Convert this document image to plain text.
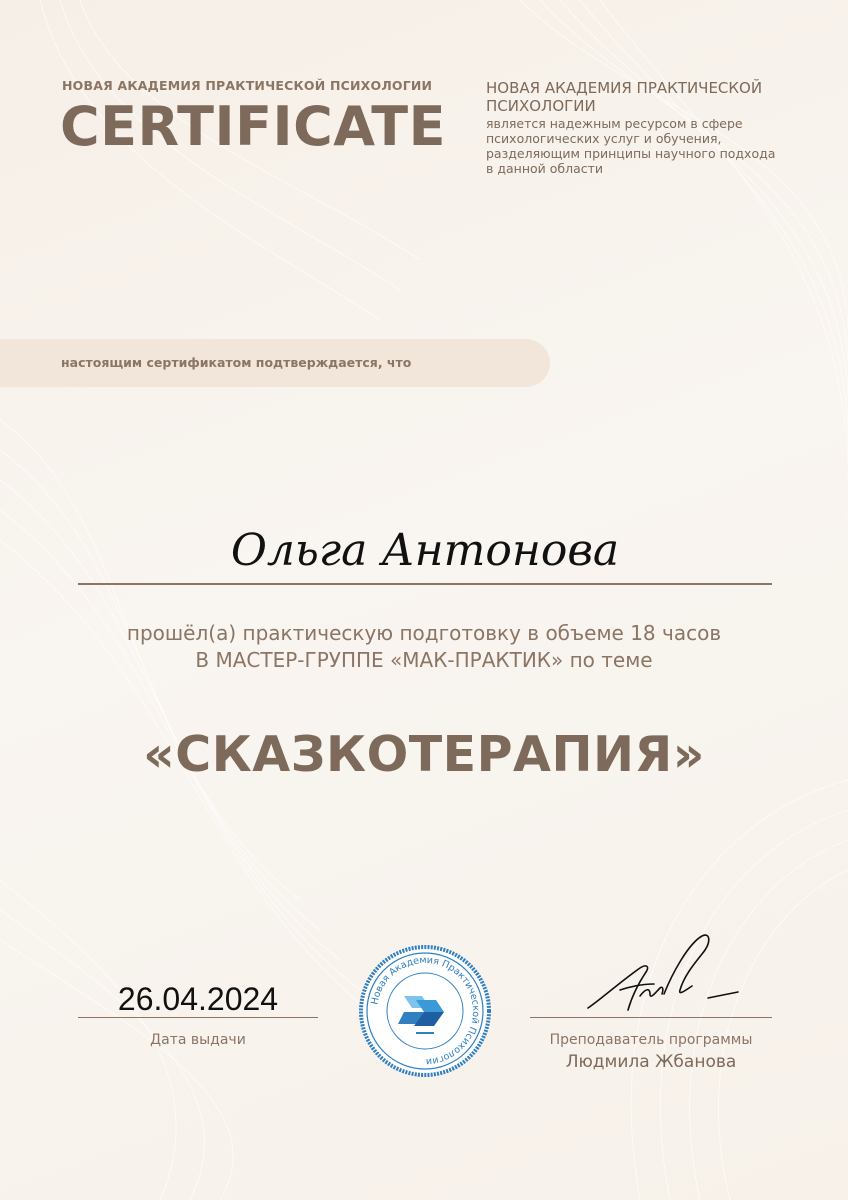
НОВАЯ АКАДЕМИЯ ПРАКТИЧЕСКОЙ ПСИХОЛОГИИ
CERTIFICATE
НОВАЯ АКАДЕМИЯ ПРАКТИЧЕСКОЙ ПСИХОЛОГИИ
является надежным ресурсом в сфере психологических услуг и обучения, разделяющим принципы научного подхода в данной области
настоящим сертификатом подтверждается, что
Ольга Антонова
прошёл(а) практическую подготовку в объеме 18 часов
В МАСТЕР-ГРУППЕ «МАК-ПРАКТИК» по теме
«СКАЗКОТЕРАПИЯ»
26.04.2024
Дата выдачи
Новая Академия Практической Психологии
Преподаватель программы
Людмила Жбанова
